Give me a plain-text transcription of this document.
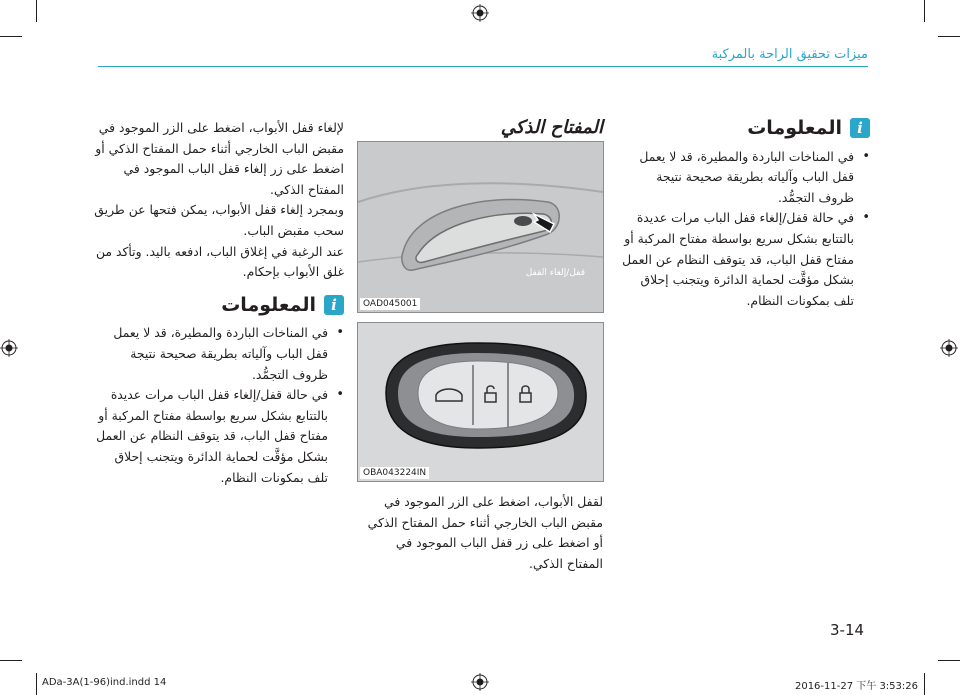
ميزات تحقيق الراحة بالمركبة
i
المعلومات
• في المناخات الباردة والمطيرة، قد لا يعمل قفل الباب وآلياته بطريقة صحيحة نتيجة ظروف التجمُّد.
• في حالة قفل/إلغاء قفل الباب مرات عديدة بالتتابع بشكل سريع بواسطة مفتاح المركبة أو مفتاح قفل الباب، قد يتوقف النظام عن العمل بشكل مؤقَّت لحماية الدائرة ويتجنب إحلاق تلف بمكونات النظام.
المفتاح الذكي
قفل/إلغاء القفل
OAD045001
OBA043224IN

لقفل الأبواب، اضغط على الزر الموجود في مقبض الباب الخارجي أثناء حمل المفتاح الذكي أو اضغط على زر قفل الباب الموجود في المفتاح الذكي.

لإلغاء قفل الأبواب، اضغط على الزر الموجود في مقبض الباب الخارجي أثناء حمل المفتاح الذكي أو اضغط على زر إلغاء قفل الباب الموجود في المفتاح الذكي.

وبمجرد إلغاء قفل الأبواب، يمكن فتحها عن طريق سحب مقبض الباب.

عند الرغبة في إغلاق الباب، ادفعه باليد. وتأكد من غلق الأبواب بإحكام.

i
المعلومات
• في المناخات الباردة والمطيرة، قد لا يعمل قفل الباب وآلياته بطريقة صحيحة نتيجة ظروف التجمُّد.
• في حالة قفل/إلغاء قفل الباب مرات عديدة بالتتابع بشكل سريع بواسطة مفتاح المركبة أو مفتاح قفل الباب، قد يتوقف النظام عن العمل بشكل مؤقَّت لحماية الدائرة ويتجنب إحلاق تلف بمكونات النظام.
3-14
ADa-3A(1-96)ind.indd 14	2016-11-27 下午 3:53:26
